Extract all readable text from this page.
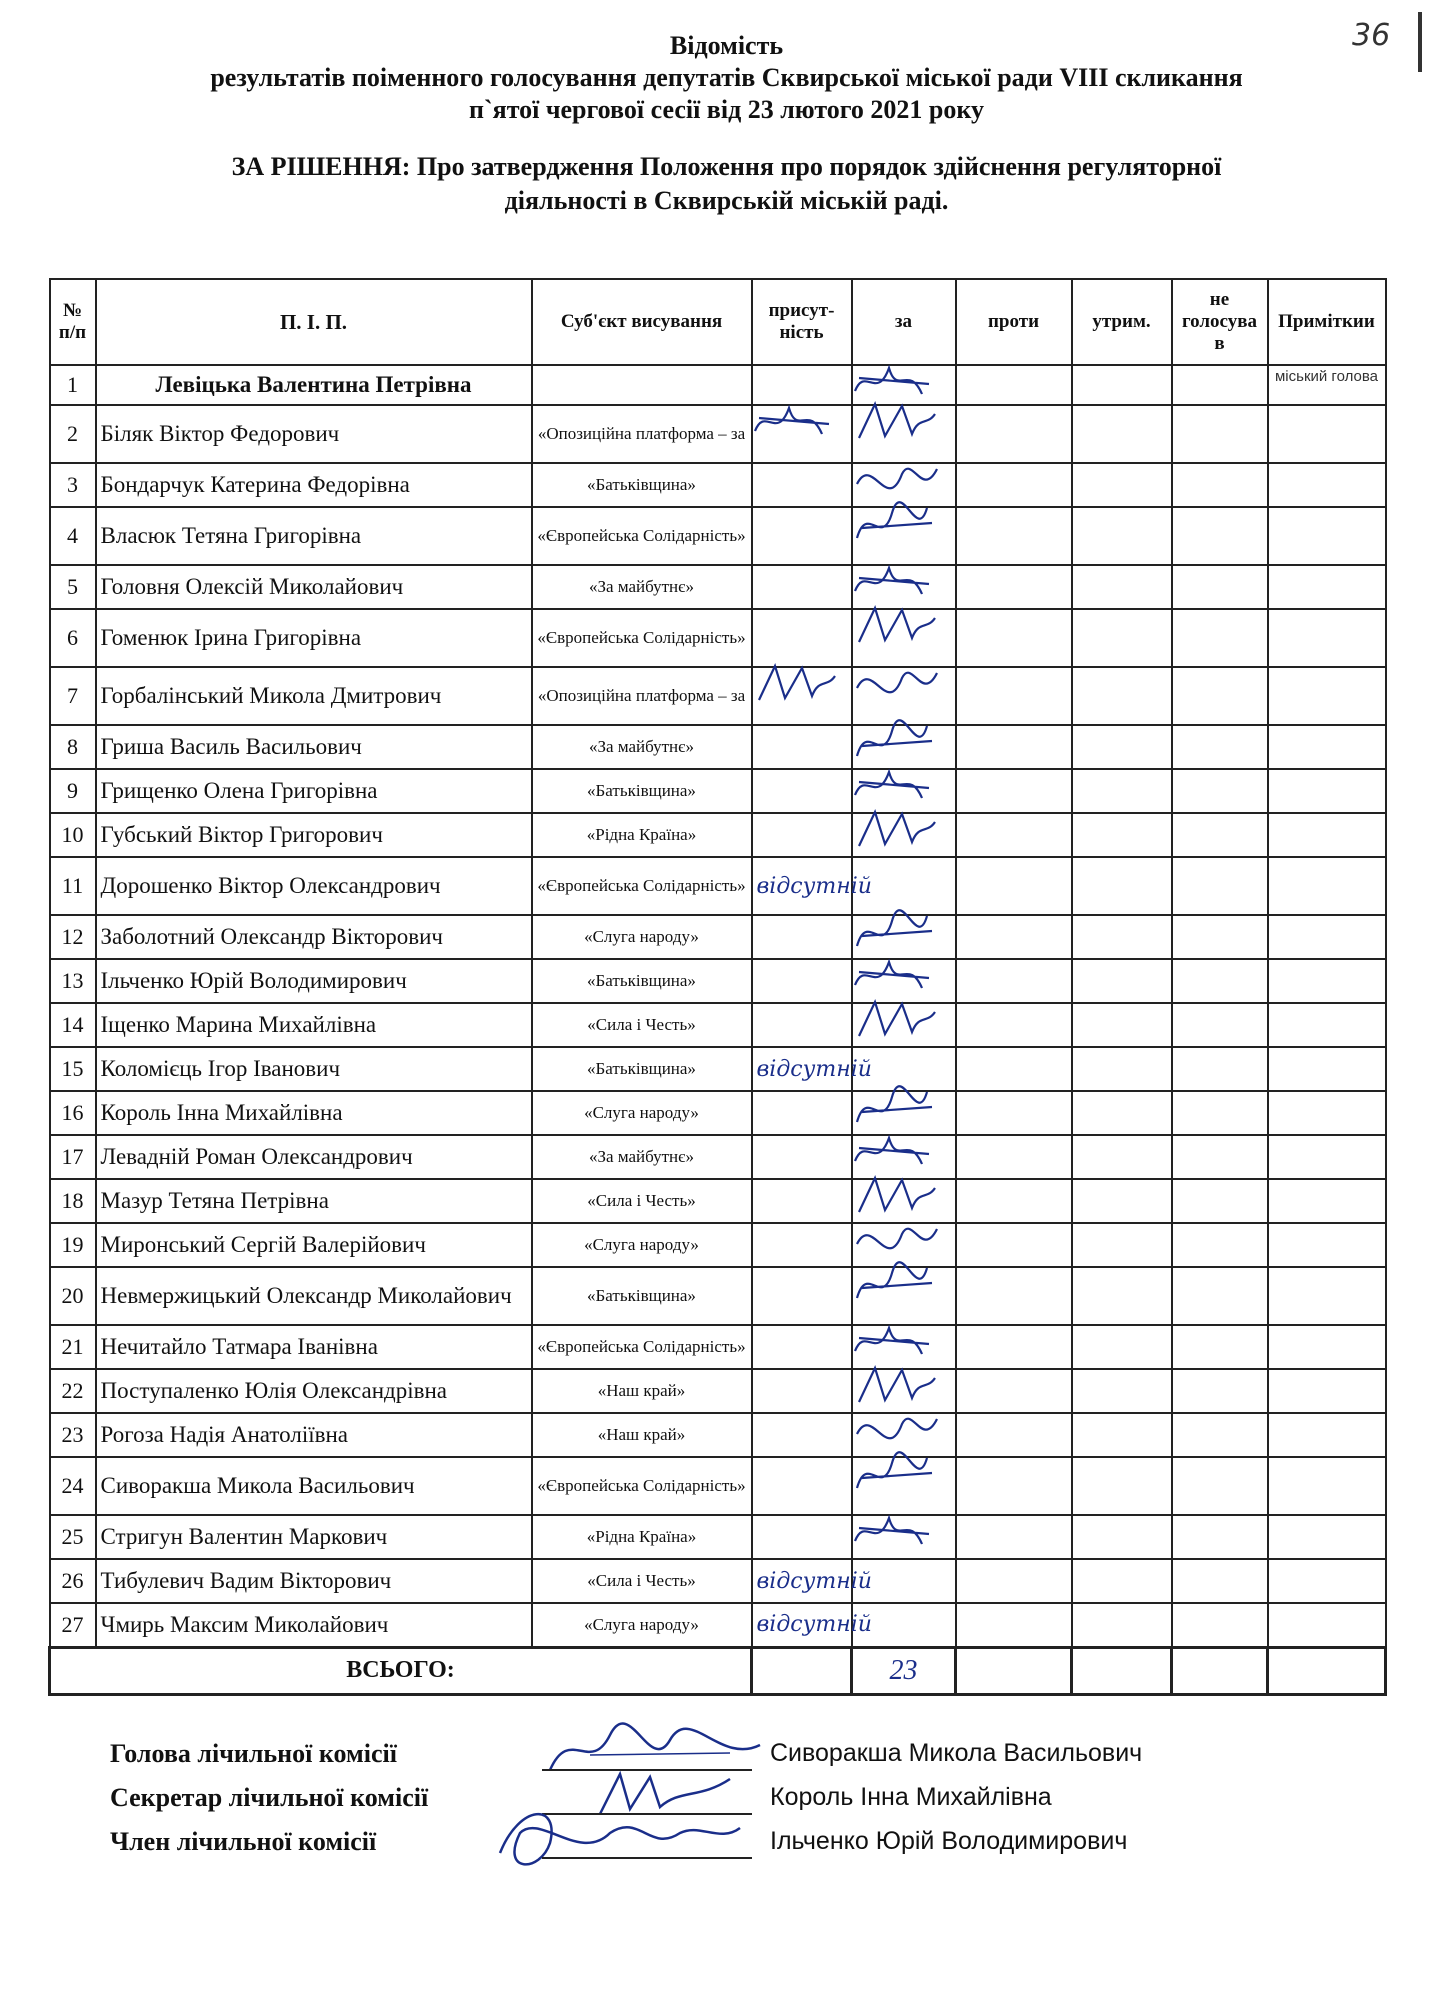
36
Відомість
результатів поіменного голосування депутатів Сквирської міської ради VIII скликання
п`ятої чергової сесії від 23 лютого 2021 року
ЗА РІШЕННЯ: Про затвердження Положення про порядок здійснення регуляторної
діяльності в Сквирській міській раді.
№ п/п	П. І. П.	Суб'єкт висування	присут-ність	за	проти	утрим.	не голосува в	Приміткии
1	Левіцька Валентина Петрівна							міський голова
2	Біляк Віктор Федорович	«Опозиційна платформа – за	

3	Бондарчук Катерина Федорівна	«Батьківщина»		

4	Власюк Тетяна Григорівна	«Європейська Солідарність»		

5	Головня Олексій Миколайович	«За майбутнє»		

6	Гоменюк Ірина Григорівна	«Європейська Солідарність»		

7	Горбалінський Микола Дмитрович	«Опозиційна платформа – за	

8	Гриша Василь Васильович	«За майбутнє»		

9	Грищенко Олена Григорівна	«Батьківщина»		

10	Губський Віктор Григорович	«Рідна Країна»		

11	Дорошенко Віктор Олександрович	«Європейська Солідарність»	відсутній					
12	Заболотний Олександр Вікторович	«Слуга народу»		

13	Ільченко Юрій Володимирович	«Батьківщина»		

14	Іщенко Марина Михайлівна	«Сила і Честь»		

15	Коломієць Ігор Іванович	«Батьківщина»	відсутній					
16	Король Інна Михайлівна	«Слуга народу»		

17	Левадній Роман Олександрович	«За майбутнє»		

18	Мазур Тетяна Петрівна	«Сила і Честь»		

19	Миронський Сергій Валерійович	«Слуга народу»		

20	Невмержицький Олександр Миколайович	«Батьківщина»		

21	Нечитайло Татмара Іванівна	«Європейська Солідарність»		

22	Поступаленко Юлія Олександрівна	«Наш край»		

23	Рогоза Надія Анатоліївна	«Наш край»		

24	Сиворакша Микола Васильович	«Європейська Солідарність»		

25	Стригун Валентин Маркович	«Рідна Країна»		

26	Тибулевич Вадим Вікторович	«Сила і Честь»	відсутній					
27	Чмирь Максим Миколайович	«Слуга народу»	відсутній					
ВСЬОГО:				23				
Голова лічильної комісії	Сиворакша Микола Васильович
Секретар лічильної комісії	Король Інна Михайлівна
Член лічильної комісії	Ільченко Юрій Володимирович
